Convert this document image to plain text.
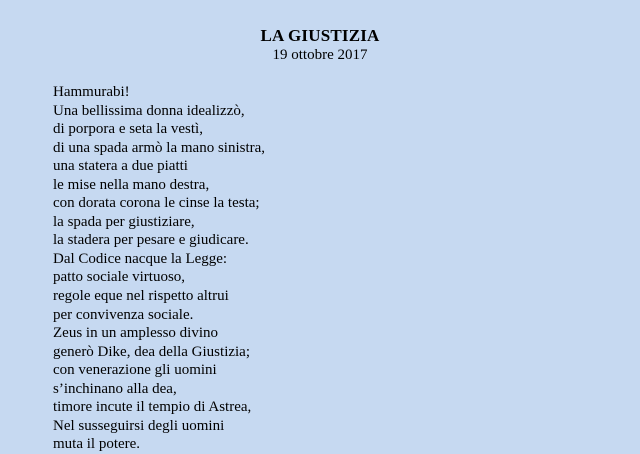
LA GIUSTIZIA
19 ottobre 2017
Hammurabi!
Una bellissima donna idealizzò,
di porpora e seta la vestì,
di una spada armò la mano sinistra,
una statera a due piatti
le mise nella mano destra,
con dorata corona le cinse la testa;
la spada per giustiziare,
la stadera per pesare e giudicare.
Dal Codice nacque la Legge:
patto sociale virtuoso,
regole eque nel rispetto altrui
per convivenza sociale.
Zeus in un amplesso divino
generò Dike, dea della Giustizia;
con venerazione gli uomini
s’inchinano alla dea,
timore incute il tempio di Astrea,
Nel susseguirsi degli uomini
muta il potere.
